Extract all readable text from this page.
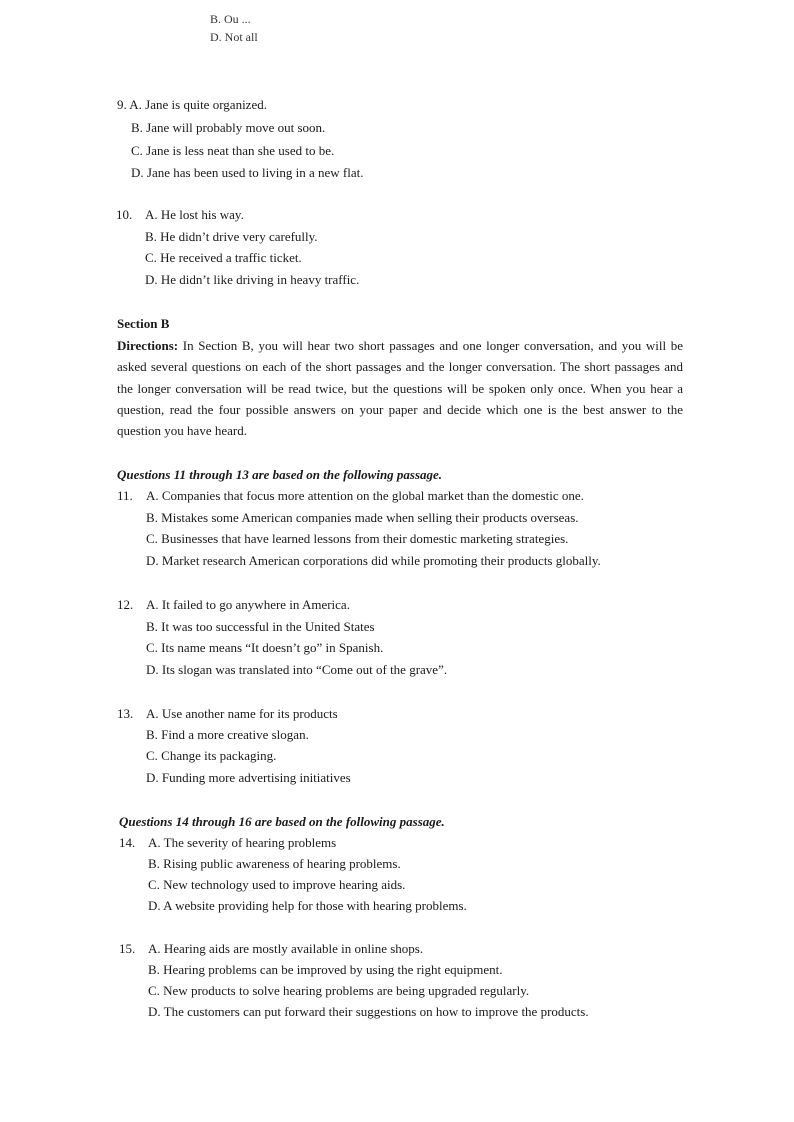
B. Ou ...
D. Not all
9. A. Jane is quite organized.
B. Jane will probably move out soon.
C. Jane is less neat than she used to be.
D. Jane has been used to living in a new flat.
10. A. He lost his way.
B. He didn’t drive very carefully.
C. He received a traffic ticket.
D. He didn’t like driving in heavy traffic.
Section B
Directions: In Section B, you will hear two short passages and one longer conversation, and you will be asked several questions on each of the short passages and the longer conversation. The short passages and the longer conversation will be read twice, but the questions will be spoken only once. When you hear a question, read the four possible answers on your paper and decide which one is the best answer to the question you have heard.
Questions 11 through 13 are based on the following passage.
11. A. Companies that focus more attention on the global market than the domestic one.
B. Mistakes some American companies made when selling their products overseas.
C. Businesses that have learned lessons from their domestic marketing strategies.
D. Market research American corporations did while promoting their products globally.
12. A. It failed to go anywhere in America.
B. It was too successful in the United States
C. Its name means “It doesn’t go” in Spanish.
D. Its slogan was translated into “Come out of the grave”.
13. A. Use another name for its products
B. Find a more creative slogan.
C. Change its packaging.
D. Funding more advertising initiatives
Questions 14 through 16 are based on the following passage.
14. A. The severity of hearing problems
B. Rising public awareness of hearing problems.
C. New technology used to improve hearing aids.
D. A website providing help for those with hearing problems.
15. A. Hearing aids are mostly available in online shops.
B. Hearing problems can be improved by using the right equipment.
C. New products to solve hearing problems are being upgraded regularly.
D. The customers can put forward their suggestions on how to improve the products.
